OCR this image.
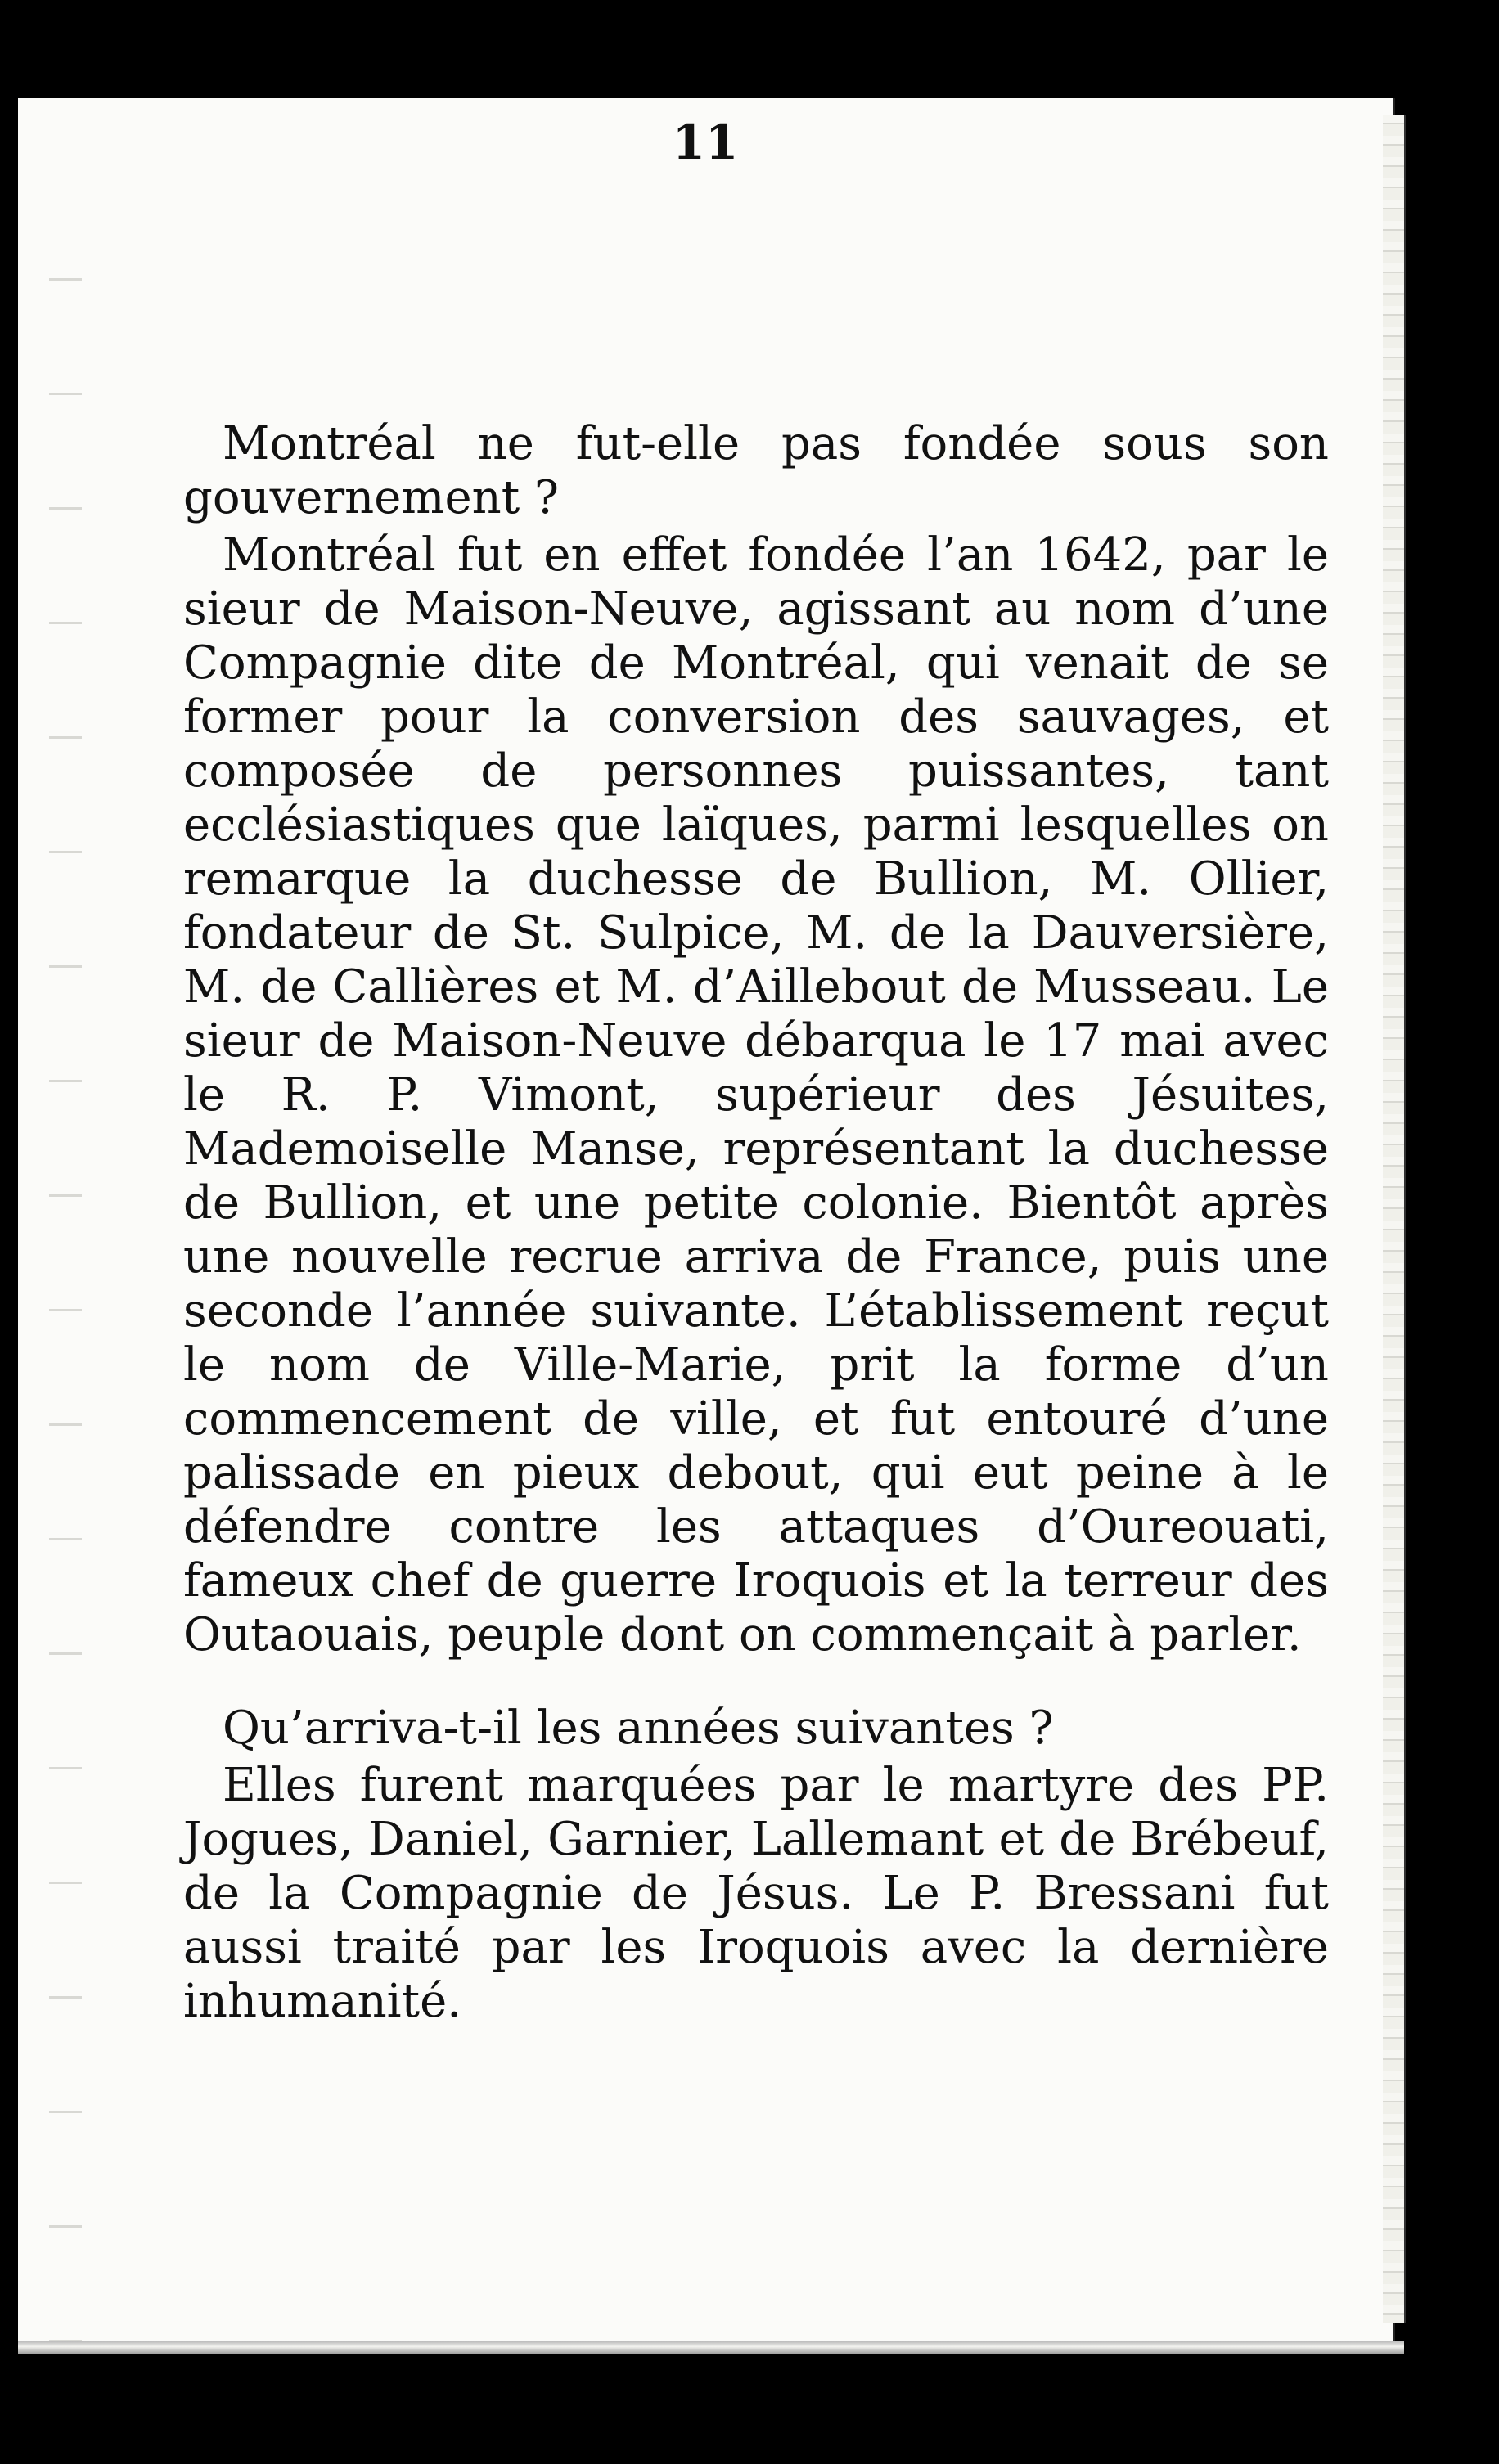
11

Montréal ne fut-elle pas fondée sous son gouvernement ?

Montréal fut en effet fondée l’an 1642, par le sieur de Maison-Neuve, agissant au nom d’une Compagnie dite de Montréal, qui venait de se former pour la conversion des sauvages, et composée de personnes puissantes, tant ecclésiastiques que laïques, parmi lesquelles on remarque la duchesse de Bullion, M. Ollier, fondateur de St. Sulpice, M. de la Dauversière, M. de Callières et M. d’Aillebout de Musseau. Le sieur de Maison-Neuve débarqua le 17 mai avec le R. P. Vimont, supérieur des Jésuites, Mademoiselle Manse, représentant la duchesse de Bullion, et une petite colonie. Bientôt après une nouvelle recrue arriva de France, puis une seconde l’année suivante. L’établissement reçut le nom de Ville-Marie, prit la forme d’un commencement de ville, et fut entouré d’une palissade en pieux debout, qui eut peine à le défendre contre les attaques d’Oureouati, fameux chef de guerre Iroquois et la terreur des Outaouais, peuple dont on commençait à parler.

Qu’arriva-t-il les années suivantes ?

Elles furent marquées par le martyre des PP. Jogues, Daniel, Garnier, Lallemant et de Brébeuf, de la Compagnie de Jésus. Le P. Bressani fut aussi traité par les Iroquois avec la dernière inhumanité.
